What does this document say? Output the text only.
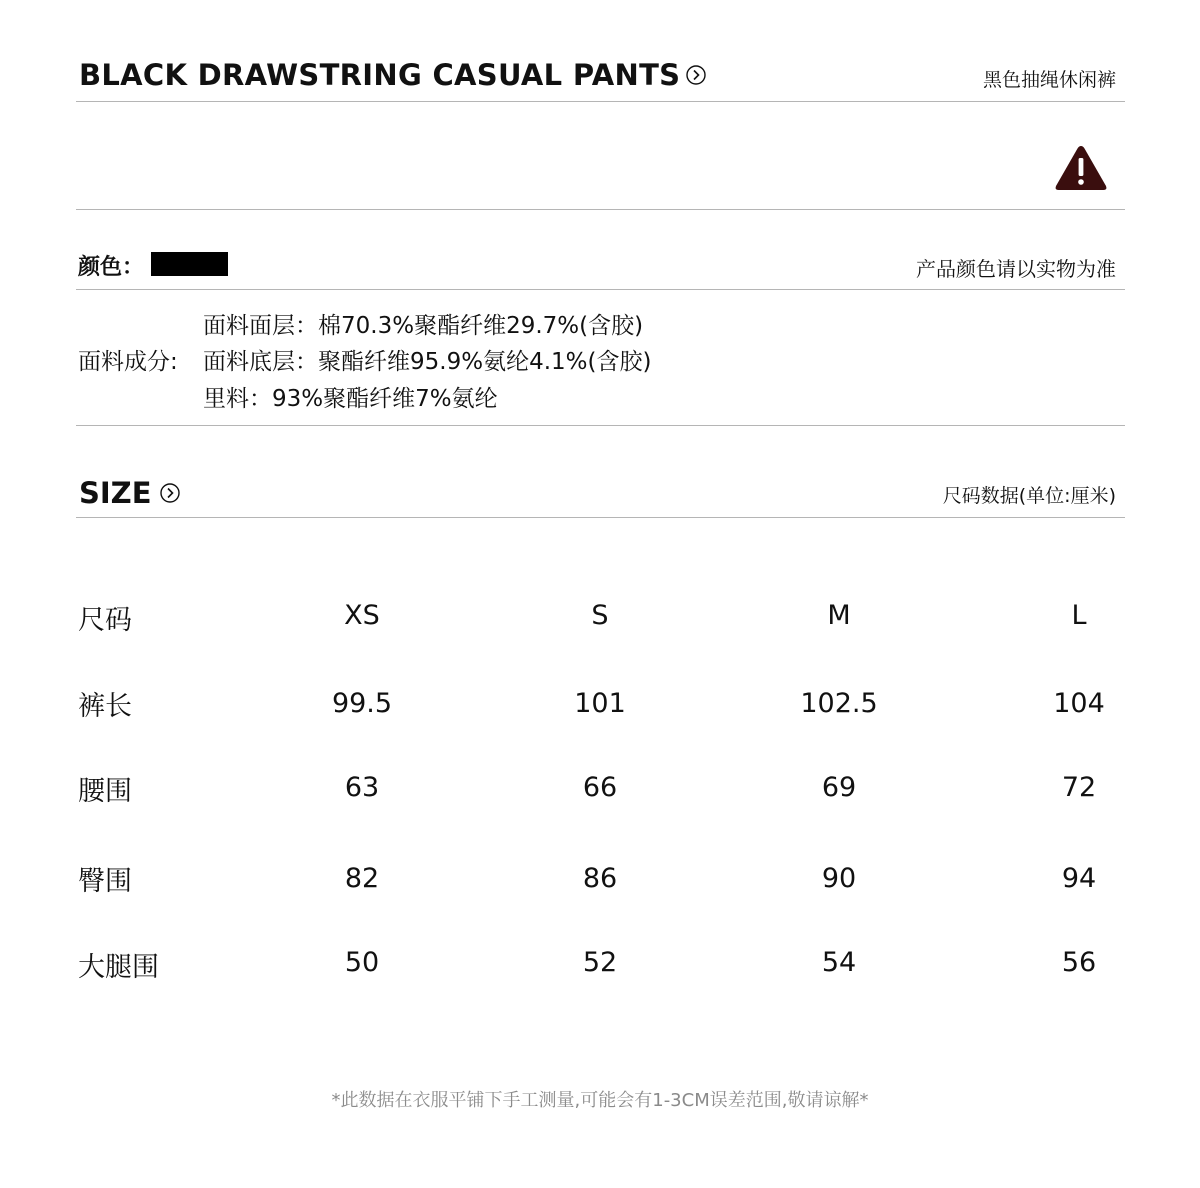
BLACK DRAWSTRING CASUAL PANTS	黑色抽绳休闲裤
颜色：	产品颜色请以实物为准
面料成分:
面料面层：棉70.3%聚酯纤维29.7%(含胶)
面料底层：聚酯纤维95.9%氨纶4.1%(含胶)
里料：93%聚酯纤维7%氨纶
SIZE	尺码数据(单位:厘米)
尺码	XS	S	M	L
裤长	99.5	101	102.5	104
腰围	63	66	69	72
臀围	82	86	90	94
大腿围	50	52	54	56
*此数据在衣服平铺下手工测量,可能会有1-3CM误差范围,敬请谅解*
